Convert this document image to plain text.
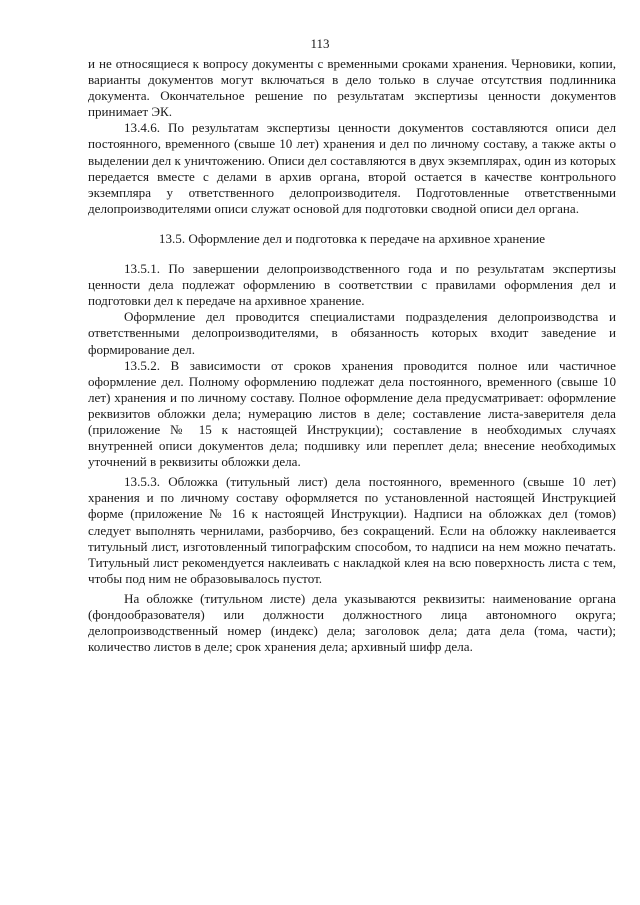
113

и не относящиеся к вопросу документы с временными сроками хранения. Черновики, копии, варианты документов могут включаться в дело только в случае отсутствия подлинника документа. Окончательное решение по результатам экспертизы ценности документов принимает ЭК.

13.4.6. По результатам экспертизы ценности документов составляются описи дел постоянного, временного (свыше 10 лет) хранения и дел по личному составу, а также акты о выделении дел к уничтожению. Описи дел составляются в двух экземплярах, один из которых передается вместе с делами в архив органа, второй остается в качестве контрольного экземпляра у ответственного делопроизводителя. Подготовленные ответственными делопроизводителями описи служат основой для подготовки сводной описи дел органа.

13.5. Оформление дел и подготовка к передаче на архивное хранение

13.5.1. По завершении делопроизводственного года и по результатам экспертизы ценности дела подлежат оформлению в соответствии с правилами оформления дел и подготовки дел к передаче на архивное хранение.

Оформление дел проводится специалистами подразделения делопроизводства и ответственными делопроизводителями, в обязанность которых входит заведение и формирование дел.

13.5.2. В зависимости от сроков хранения проводится полное или частичное оформление дел. Полному оформлению подлежат дела постоянного, временного (свыше 10 лет) хранения и по личному составу. Полное оформление дела предусматривает: оформление реквизитов обложки дела; нумерацию листов в деле; составление листа-заверителя дела (приложение № 15 к настоящей Инструкции); составление в необходимых случаях внутренней описи документов дела; подшивку или переплет дела; внесение необходимых уточнений в реквизиты обложки дела.

13.5.3. Обложка (титульный лист) дела постоянного, временного (свыше 10 лет) хранения и по личному составу оформляется по установленной настоящей Инструкцией форме (приложение № 16 к настоящей Инструкции). Надписи на обложках дел (томов) следует выполнять чернилами, разборчиво, без сокращений. Если на обложку наклеивается титульный лист, изготовленный типографским способом, то надписи на нем можно печатать. Титульный лист рекомендуется наклеивать с накладкой клея на всю поверхность листа с тем, чтобы под ним не образовывалось пустот.

На обложке (титульном листе) дела указываются реквизиты: наименование органа (фондообразователя) или должности должностного лица автономного округа; делопроизводственный номер (индекс) дела; заголовок дела; дата дела (тома, части); количество листов в деле; срок хранения дела; архивный шифр дела.
